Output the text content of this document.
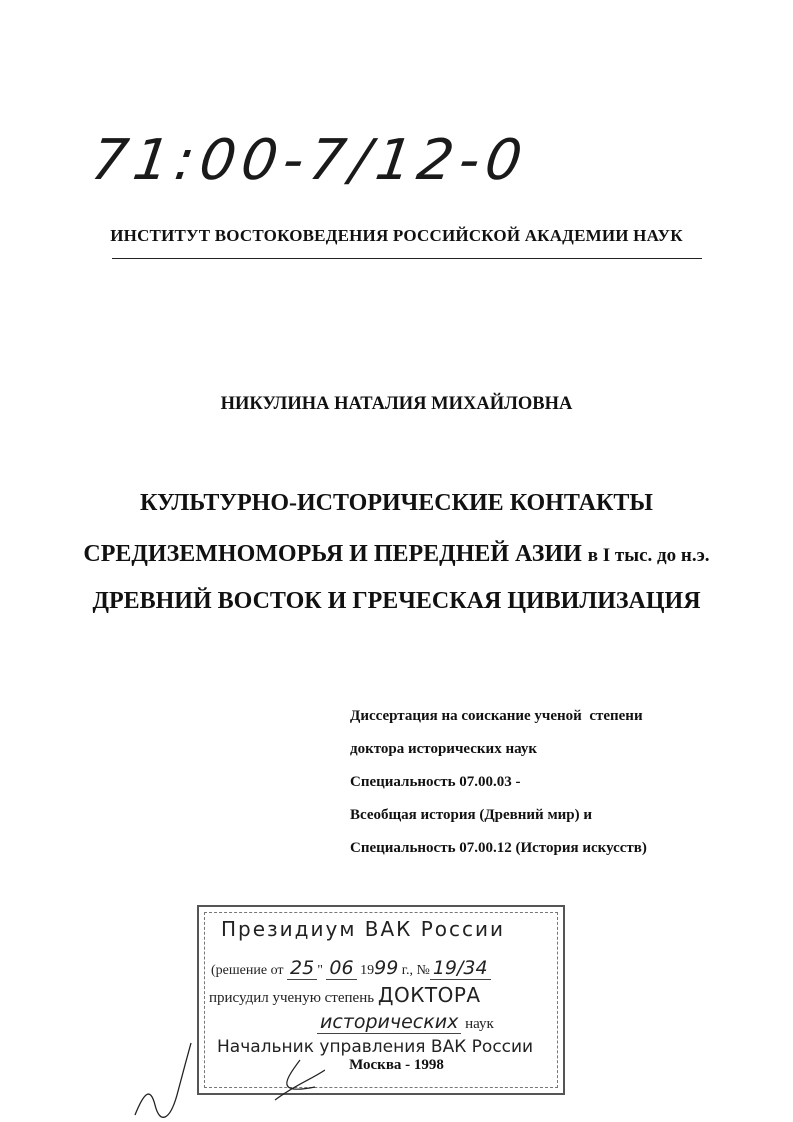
71:00-7/12-0
ИНСТИТУТ ВОСТОКОВЕДЕНИЯ РОССИЙСКОЙ АКАДЕМИИ НАУК
НИКУЛИНА НАТАЛИЯ МИХАЙЛОВНА
КУЛЬТУРНО-ИСТОРИЧЕСКИЕ КОНТАКТЫ
СРЕДИЗЕМНОМОРЬЯ И ПЕРЕДНЕЙ АЗИИ в I тыс. до н.э.
ДРЕВНИЙ ВОСТОК И ГРЕЧЕСКАЯ ЦИВИЛИЗАЦИЯ
Диссертация на соискание ученой  степени
доктора исторических наук
Специальность 07.00.03 -
Всеобщая история (Древний мир) и
Специальность 07.00.12 (История искусств)
Президиум ВАК России
(решение от 25 " 06 1999 г., № 19/34
присудил ученую степень ДОКТОРА
исторических наук
Начальник управления ВАК России
Москва - 1998
